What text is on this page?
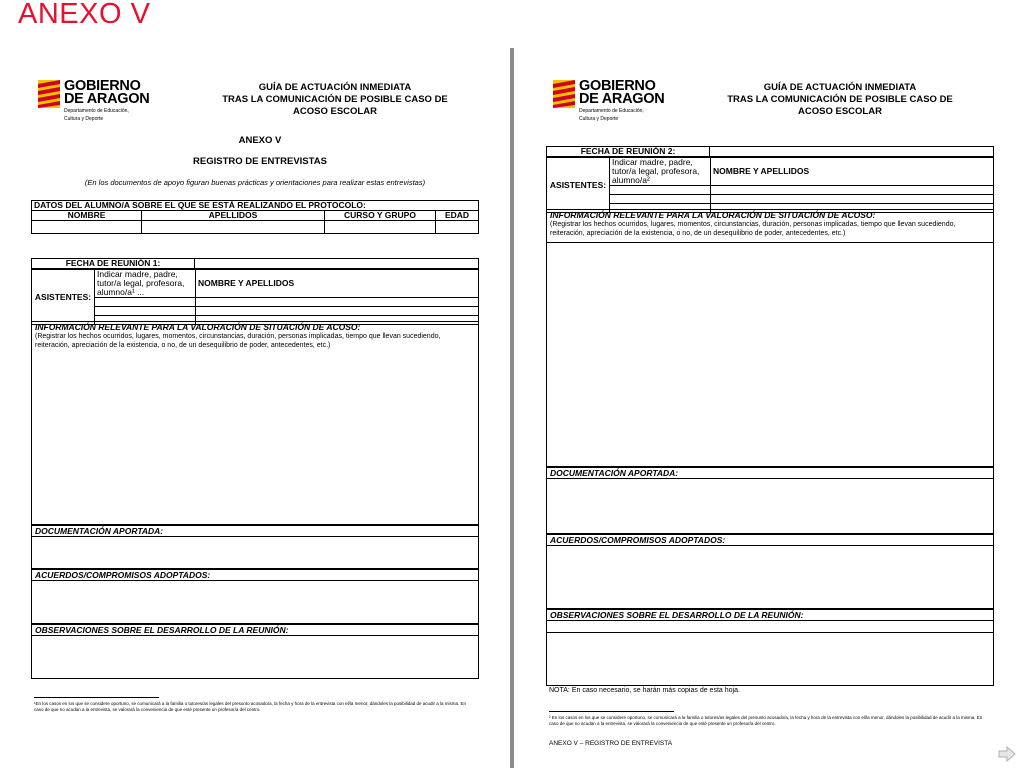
ANEXO V
GOBIERNO
DE ARAGON
Departamento de Educación,
Cultura y Deporte
GUÍA DE ACTUACIÓN INMEDIATA
TRAS LA COMUNICACIÓN DE POSIBLE CASO DE
ACOSO ESCOLAR
ANEXO V
REGISTRO DE ENTREVISTAS
(En los documentos de apoyo figuran buenas prácticas y orientaciones para realizar estas entrevistas)
DATOS DEL ALUMNO/A SOBRE EL QUE SE ESTÁ REALIZANDO EL PROTOCOLO:			
NOMBRE	APELLIDOS	CURSO Y GRUPO	EDAD

FECHA DE REUNIÓN 1:	
ASISTENTES:	Indicar madre, padre, tutor/a legal, profesora, alumno/a¹ ...	NOMBRE Y APELLIDOS

INFORMACIÓN RELEVANTE PARA LA VALORACIÓN DE SITUACIÓN DE ACOSO:
(Registrar los hechos ocurridos, lugares, momentos, circunstancias, duración, personas implicadas, tiempo que llevan sucediendo, reiteración, apreciación de la existencia, o no, de un desequilibrio de poder, antecedentes, etc.)
DOCUMENTACIÓN APORTADA:
ACUERDOS/COMPROMISOS ADOPTADOS:
OBSERVACIONES SOBRE EL DESARROLLO DE LA REUNIÓN:
¹En los casos en los que se considere oportuno, se comunicará a la familia o tutores/as legales del presunto acosado/a, la fecha y hora de la entrevista con el/la menor, dándoles la posibilidad de acudir a la misma. En caso de que no acudan a la entrevista, se valorará la conveniencia de que esté presente un profesor/a del centro.
GOBIERNO
DE ARAGON
Departamento de Educación,
Cultura y Deporte
GUÍA DE ACTUACIÓN INMEDIATA
TRAS LA COMUNICACIÓN DE POSIBLE CASO DE
ACOSO ESCOLAR
FECHA DE REUNIÓN 2:	
ASISTENTES:	Indicar madre, padre, tutor/a legal, profesora, alumno/a²	NOMBRE Y APELLIDOS

INFORMACIÓN RELEVANTE PARA LA VALORACIÓN DE SITUACIÓN DE ACOSO:
(Registrar los hechos ocurridos, lugares, momentos, circunstancias, duración, personas implicadas, tiempo que llevan sucediendo, reiteración, apreciación de la existencia, o no, de un desequilibrio de poder, antecedentes, etc.)
DOCUMENTACIÓN APORTADA:
ACUERDOS/COMPROMISOS ADOPTADOS:
OBSERVACIONES SOBRE EL DESARROLLO DE LA REUNIÓN:
NOTA: En caso necesario, se harán más copias de esta hoja.
² En los casos en los que se considere oportuno, se comunicará a la familia o tutores/as legales del presunto acosado/a, la fecha y hora de la entrevista con el/la menor, dándoles la posibilidad de acudir a la misma. En caso de que no acudan a la entrevista, se valorará la conveniencia de que esté presente un profesor/a del centro.
ANEXO V – REGISTRO DE ENTREVISTA
